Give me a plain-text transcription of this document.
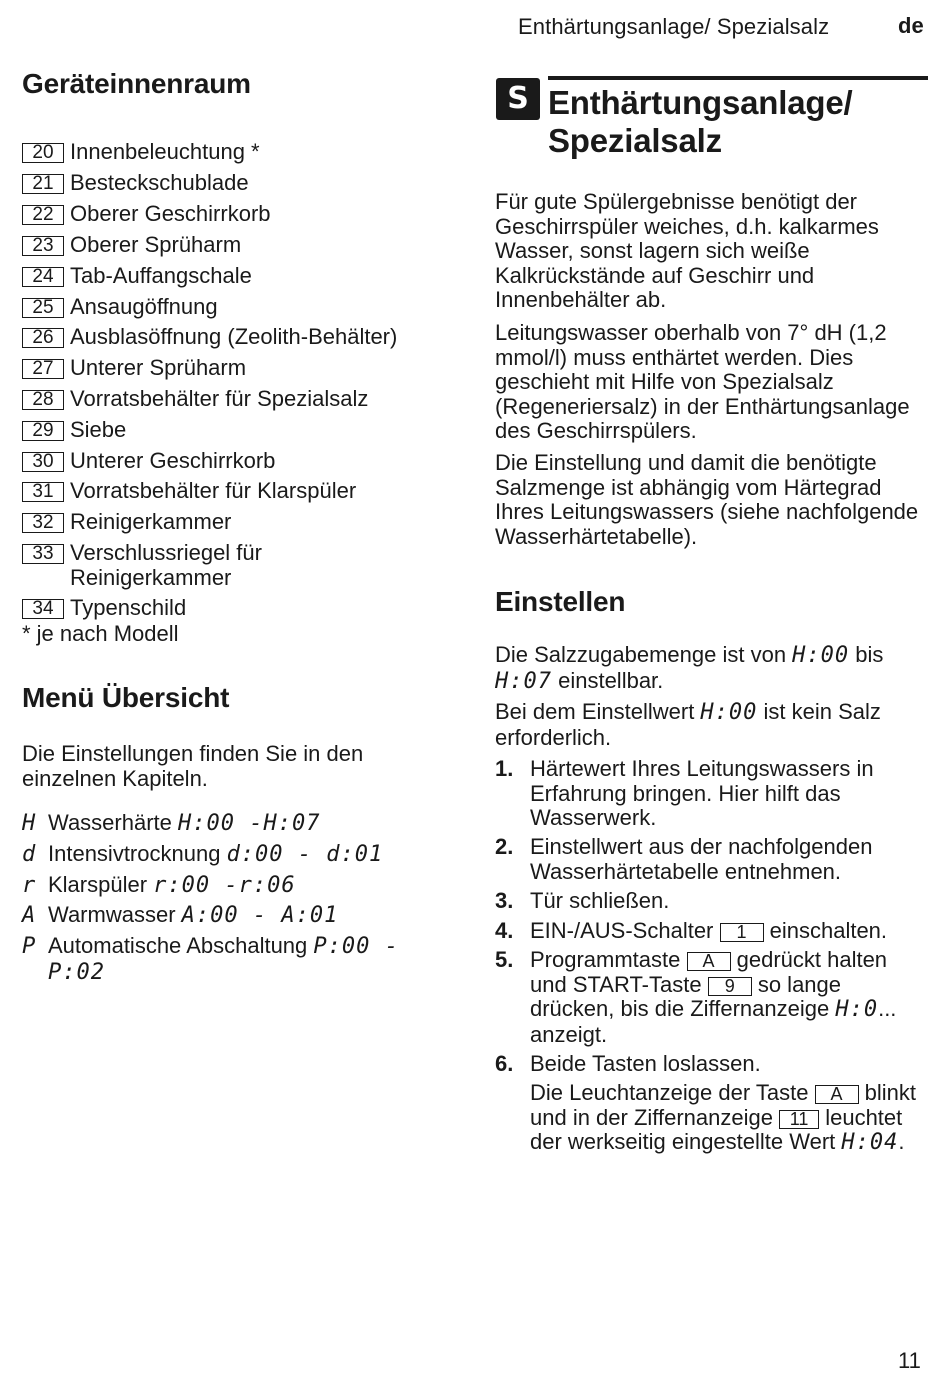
Enthärtungsanlage/ Spezialsalz	de
11
Geräteinnenraum
20 Innenbeleuchtung *
21 Besteckschublade
22 Oberer Geschirrkorb
23 Oberer Sprüharm
24 Tab-Auffangschale
25 Ansaugöffnung
26 Ausblasöffnung (Zeolith-Behälter)
27 Unterer Sprüharm
28 Vorratsbehälter für Spezialsalz
29 Siebe
30 Unterer Geschirrkorb
31 Vorratsbehälter für Klarspüler
32 Reinigerkammer
33 Verschlussriegel für Reinigerkammer
34 Typenschild
* je nach Modell
Menü Übersicht

Die Einstellungen finden Sie in den einzelnen Kapiteln.

H Wasserhärte H:00 -H:07
d Intensivtrocknung d:00 - d:01
r Klarspüler r:00 -r:06
A Warmwasser A:00 - A:01
P Automatische Abschaltung P:00 -
P:02
S Enthärtungsanlage/
Spezialsalz

Für gute Spülergebnisse benötigt der Geschirrspüler weiches, d.h. kalkarmes Wasser, sonst lagern sich weiße Kalkrückstände auf Geschirr und Innenbehälter ab.

Leitungswasser oberhalb von 7° dH (1,2 mmol/l) muss enthärtet werden. Dies geschieht mit Hilfe von Spezialsalz (Regeneriersalz) in der Enthärtungsanlage des Geschirrspülers.

Die Einstellung und damit die benötigte Salzmenge ist abhängig vom Härtegrad Ihres Leitungswassers (siehe nachfolgende Wasserhärtetabelle).

Einstellen

Die Salzzugabemenge ist von H:00 bis H:07 einstellbar.

Bei dem Einstellwert H:00 ist kein Salz erforderlich.

1. Härtewert Ihres Leitungswassers in Erfahrung bringen. Hier hilft das Wasserwerk.
2. Einstellwert aus der nachfolgenden Wasserhärtetabelle entnehmen.
3. Tür schließen.
4. EIN-/AUS-Schalter 1 einschalten.
5. Programmtaste A gedrückt halten und START-Taste 9 so lange drücken, bis die Ziffernanzeige H:0... anzeigt.
6. Beide Tasten loslassen.
Die Leuchtanzeige der Taste A blinkt und in der Ziffernanzeige 11 leuchtet der werkseitig eingestellte Wert H:04.
